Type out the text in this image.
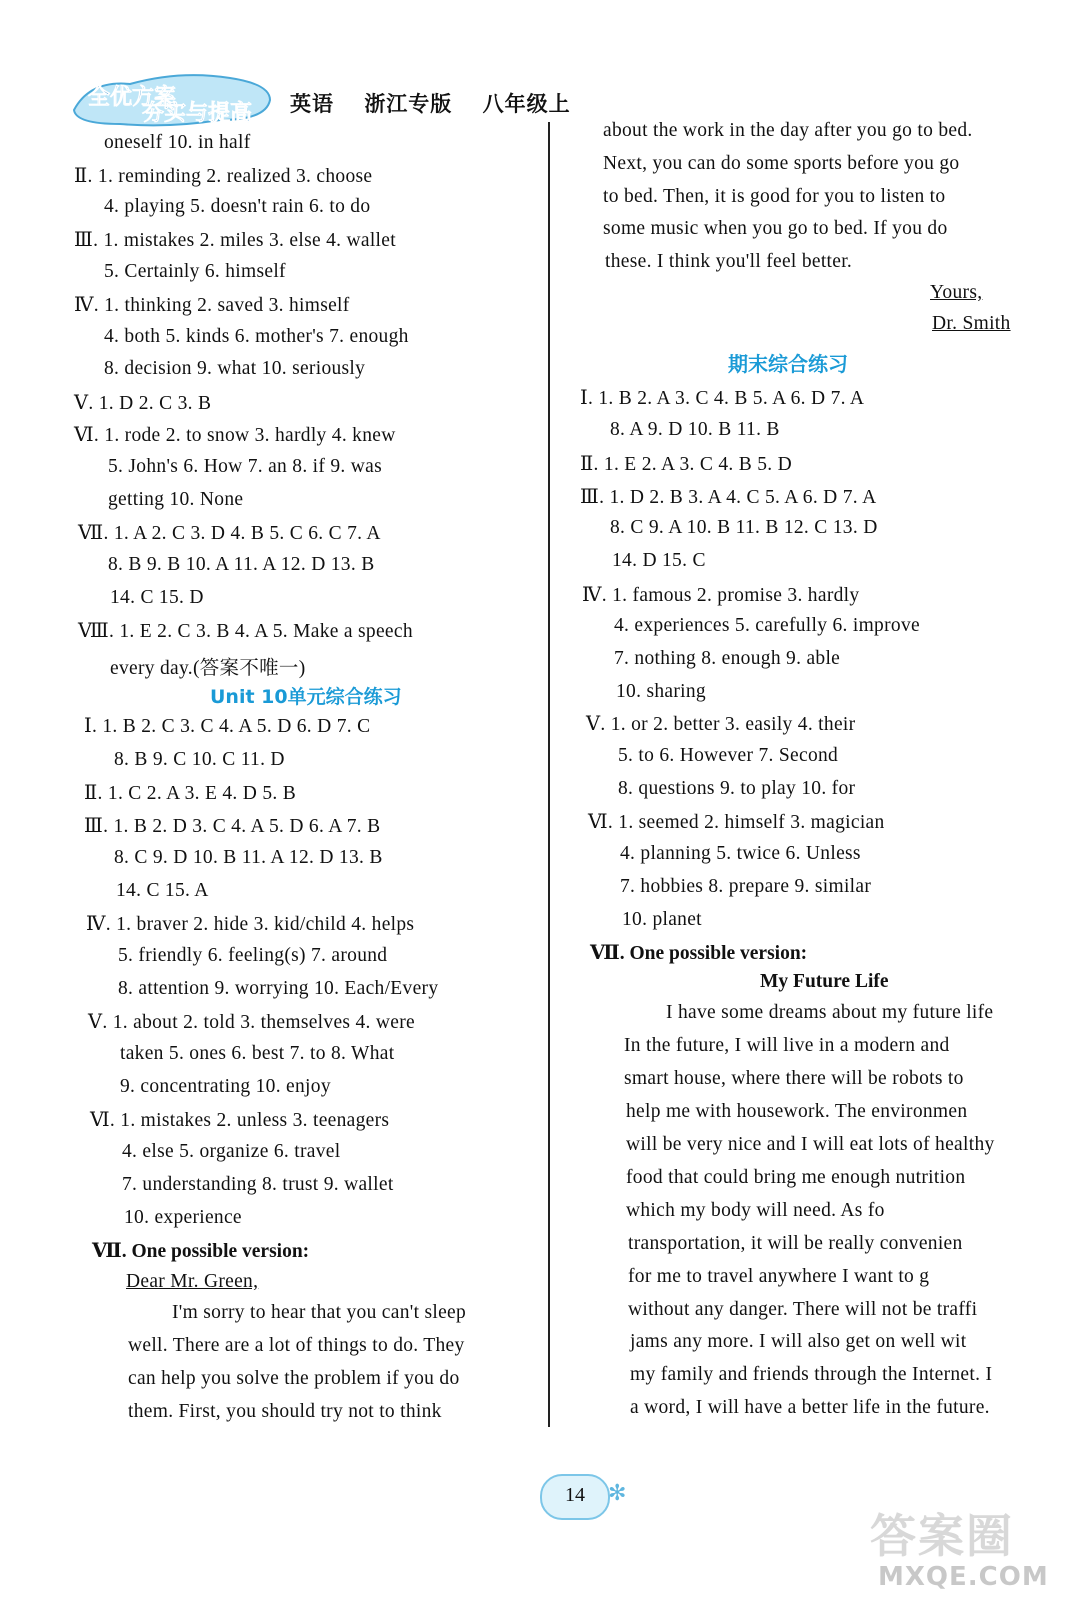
全优方案
夯实与提高 英语 浙江专版 八年级上
oneself 10. in half
Ⅱ. 1. reminding 2. realized 3. choose
4. playing 5. doesn't rain 6. to do
Ⅲ. 1. mistakes 2. miles 3. else 4. wallet
5. Certainly 6. himself
Ⅳ. 1. thinking 2. saved 3. himself
4. both 5. kinds 6. mother's 7. enough
8. decision 9. what 10. seriously
Ⅴ. 1. D 2. C 3. B
Ⅵ. 1. rode 2. to snow 3. hardly 4. knew
5. John's 6. How 7. an 8. if 9. was
getting 10. None
Ⅶ. 1. A 2. C 3. D 4. B 5. C 6. C 7. A
8. B 9. B 10. A 11. A 12. D 13. B
14. C 15. D
Ⅷ. 1. E 2. C 3. B 4. A 5. Make a speech
every day.(答案不唯一)
Unit 10单元综合练习
Ⅰ. 1. B 2. C 3. C 4. A 5. D 6. D 7. C
8. B 9. C 10. C 11. D
Ⅱ. 1. C 2. A 3. E 4. D 5. B
Ⅲ. 1. B 2. D 3. C 4. A 5. D 6. A 7. B
8. C 9. D 10. B 11. A 12. D 13. B
14. C 15. A
Ⅳ. 1. braver 2. hide 3. kid/child 4. helps
5. friendly 6. feeling(s) 7. around
8. attention 9. worrying 10. Each/Every
Ⅴ. 1. about 2. told 3. themselves 4. were
taken 5. ones 6. best 7. to 8. What
9. concentrating 10. enjoy
Ⅵ. 1. mistakes 2. unless 3. teenagers
4. else 5. organize 6. travel
7. understanding 8. trust 9. wallet
10. experience
Ⅶ. One possible version:
Dear Mr. Green,
I'm sorry to hear that you can't sleep
well. There are a lot of things to do. They
can help you solve the problem if you do
them. First, you should try not to think
about the work in the day after you go to bed.
Next, you can do some sports before you go
to bed. Then, it is good for you to listen to
some music when you go to bed. If you do
these. I think you'll feel better.
Yours,
Dr. Smith
期末综合练习
Ⅰ. 1. B 2. A 3. C 4. B 5. A 6. D 7. A
8. A 9. D 10. B 11. B
Ⅱ. 1. E 2. A 3. C 4. B 5. D
Ⅲ. 1. D 2. B 3. A 4. C 5. A 6. D 7. A
8. C 9. A 10. B 11. B 12. C 13. D
14. D 15. C
Ⅳ. 1. famous 2. promise 3. hardly
4. experiences 5. carefully 6. improve
7. nothing 8. enough 9. able
10. sharing
Ⅴ. 1. or 2. better 3. easily 4. their
5. to 6. However 7. Second
8. questions 9. to play 10. for
Ⅵ. 1. seemed 2. himself 3. magician
4. planning 5. twice 6. Unless
7. hobbies 8. prepare 9. similar
10. planet
Ⅶ. One possible version:
My Future Life
I have some dreams about my future life
In the future, I will live in a modern and
smart house, where there will be robots to
help me with housework. The environmen
will be very nice and I will eat lots of healthy
food that could bring me enough nutrition
which my body will need. As fo
transportation, it will be really convenien
for me to travel anywhere I want to g
without any danger. There will not be traffi
jams any more. I will also get on well wit
my family and friends through the Internet. I
a word, I will have a better life in the future.
14	✻
答案圈
MXQE.COM
